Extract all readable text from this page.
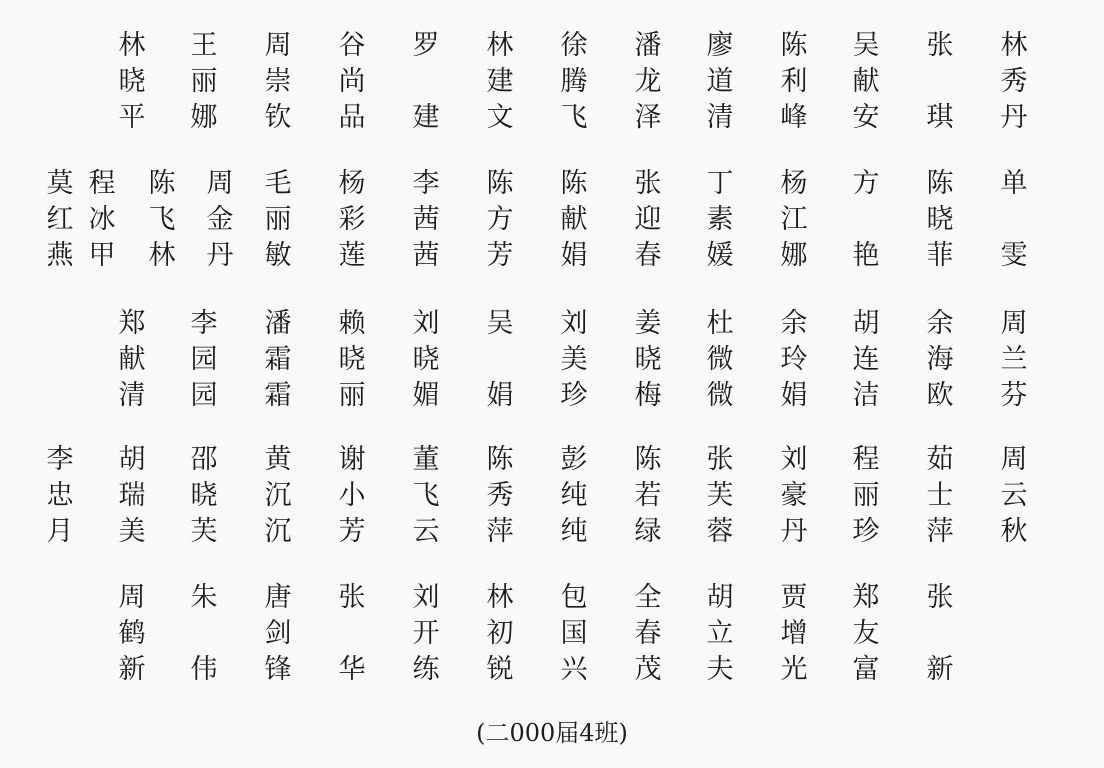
林
晓
平
王
丽
娜
周
崇
钦
谷
尚
品
罗
建
林
建
文
徐
腾
飞
潘
龙
泽
廖
道
清
陈
利
峰
吴
献
安
张
琪
林
秀
丹
莫
红
燕
程
冰
甲
陈
飞
林
周
金
丹
毛
丽
敏
杨
彩
莲
李
茜
茜
陈
方
芳
陈
献
娟
张
迎
春
丁
素
媛
杨
江
娜
方
艳
陈
晓
菲
单
雯
郑
献
清
李
园
园
潘
霜
霜
赖
晓
丽
刘
晓
媚
吴
娟
刘
美
珍
姜
晓
梅
杜
微
微
余
玲
娟
胡
连
洁
余
海
欧
周
兰
芬
李
忠
月
胡
瑞
美
邵
晓
芙
黄
沉
沉
谢
小
芳
董
飞
云
陈
秀
萍
彭
纯
纯
陈
若
绿
张
芙
蓉
刘
豪
丹
程
丽
珍
茹
士
萍
周
云
秋
周
鹤
新
朱
伟
唐
剑
锋
张
华
刘
开
练
林
初
锐
包
国
兴
全
春
茂
胡
立
夫
贾
增
光
郑
友
富
张
新
(二000届4班)
